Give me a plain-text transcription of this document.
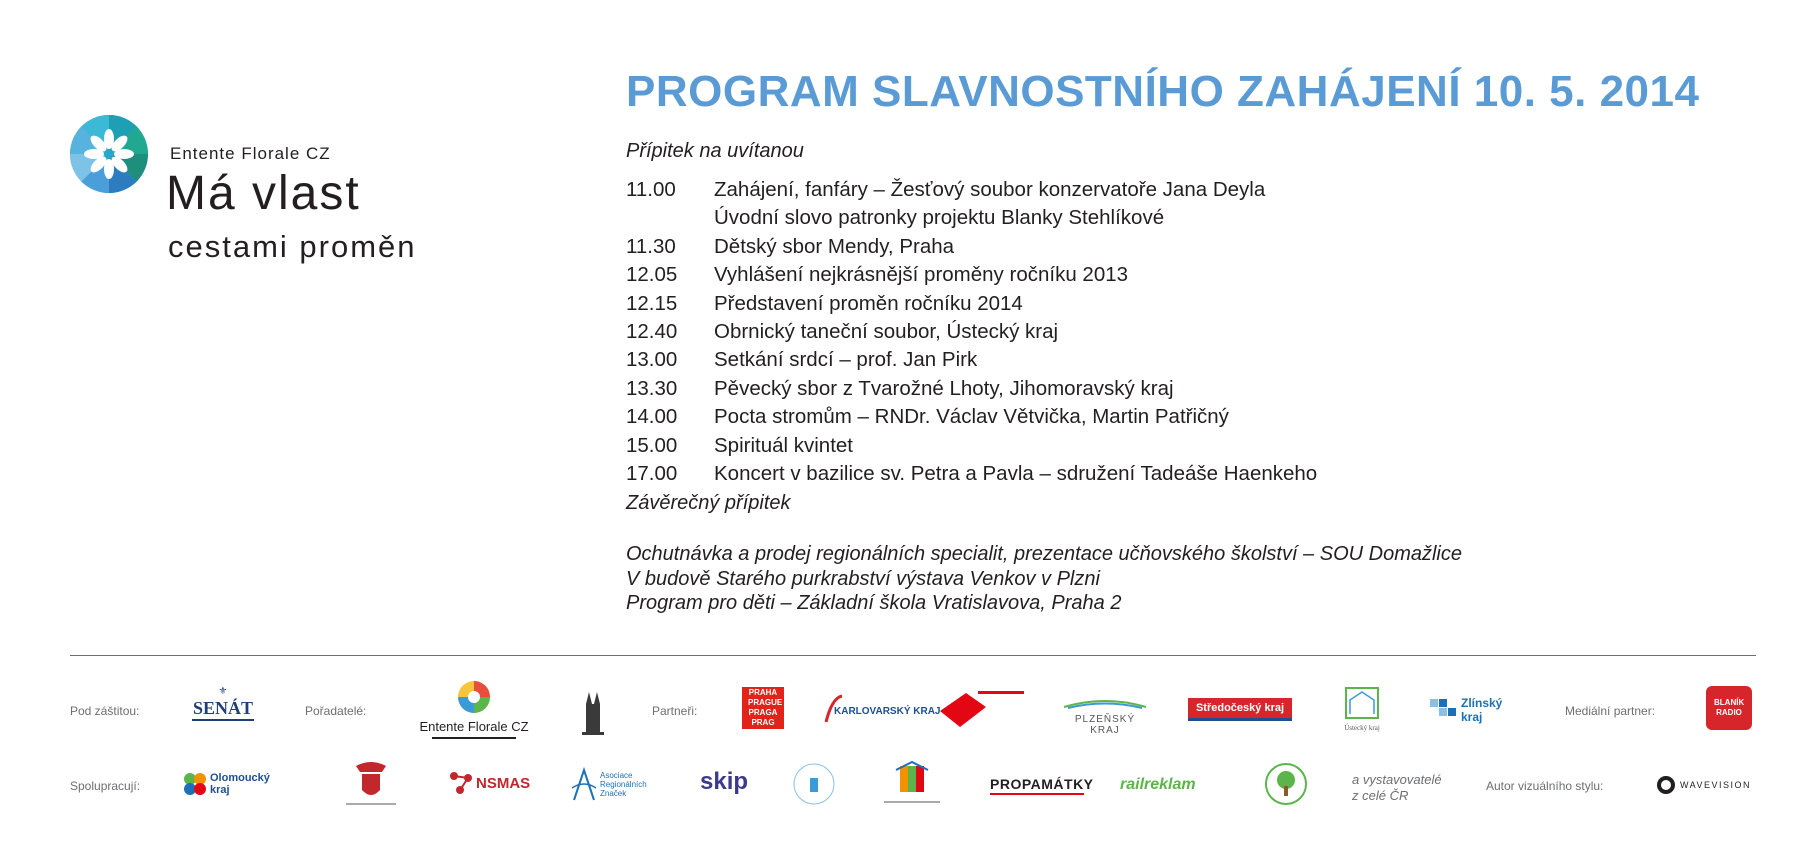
Entente Florale CZ
Má vlast
cestami proměn
PROGRAM SLAVNOSTNÍHO ZAHÁJENÍ 10. 5. 2014
Přípitek na uvítanou
11.00	Zahájení, fanfáry – Žesťový soubor konzervatoře Jana Deyla
Úvodní slovo patronky projektu Blanky Stehlíkové
11.30	Dětský sbor Mendy, Praha
12.05	Vyhlášení nejkrásnější proměny ročníku 2013
12.15	Představení proměn ročníku 2014
12.40	Obrnický taneční soubor, Ústecký kraj
13.00	Setkání srdcí – prof. Jan Pirk
13.30	Pěvecký sbor z Tvarožné Lhoty, Jihomoravský kraj
14.00	Pocta stromům – RNDr. Václav Větvička, Martin Patřičný
15.00	Spirituál kvintet
17.00	Koncert v bazilice sv. Petra a Pavla – sdružení Tadeáše Haenkeho
Závěrečný přípitek
Ochutnávka a prodej regionálních specialit, prezentace učňovského školství – SOU Domažlice
V budově Starého purkrabství výstava Venkov v Plzni
Program pro děti – Základní škola Vratislavova, Praha 2
Pod záštitou:
⚜
SENÁT	Pořadatelé:
Entente Florale CZ
Partneři:
PRAHA PRAGUE PRAGA PRAG
KARLOVARSKÝ KRAJ
PLZEŇSKÝ KRAJ
Středočeský kraj
Ústecký kraj
Zlínský kraj	Mediální partner:
BLANÍK RADIO
Spolupracují:
Olomoucký kraj	NSMAS	Asociace Regionálních Značek	skip	PROPAMÁTKY railreklam	a vystavovatelé z celé ČR
Autor vizuálního stylu:	WAVEVISION
